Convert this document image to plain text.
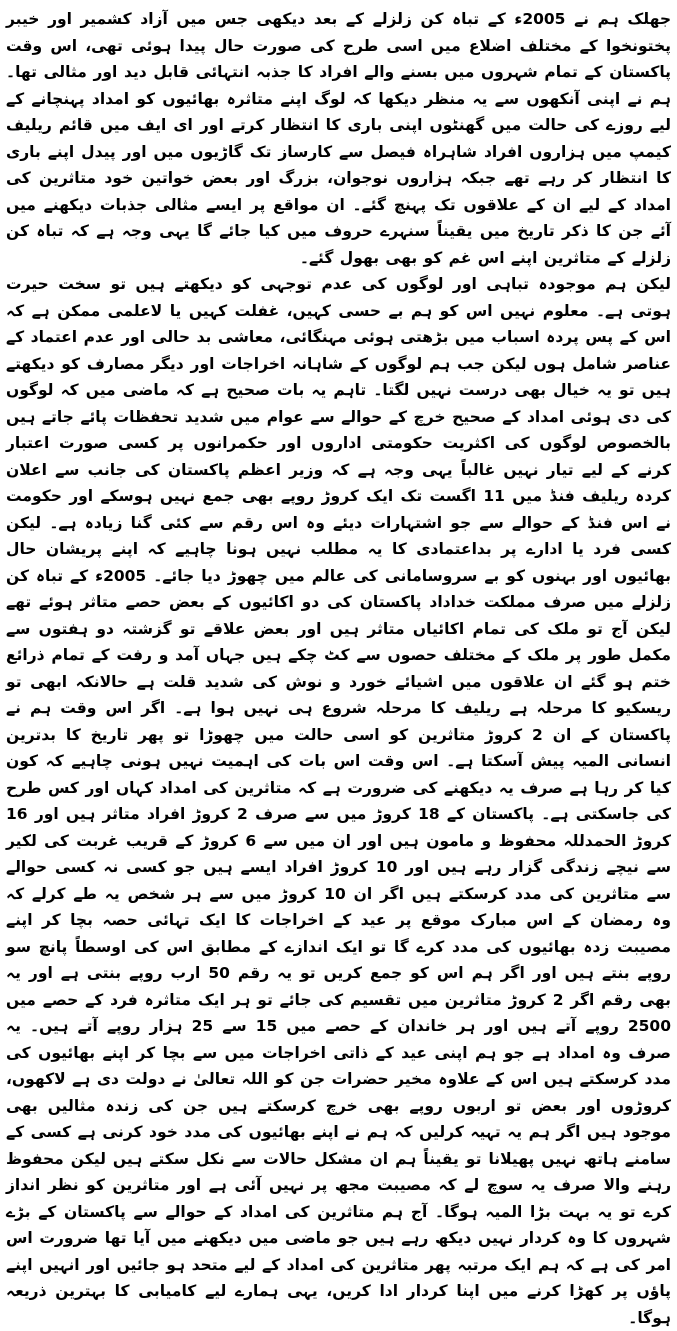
جھلک ہم نے 2005ء کے تباہ کن زلزلے کے بعد دیکھی جس میں آزاد کشمیر اور خیبر پختونخوا کے مختلف اضلاع میں اسی طرح کی صورت حال پیدا ہوئی تھی، اس وقت پاکستان کے تمام شہروں میں بسنے والے افراد کا جذبہ انتہائی قابل دید اور مثالی تھا۔ ہم نے اپنی آنکھوں سے یہ منظر دیکھا کہ لوگ اپنے متاثرہ بھائیوں کو امداد پہنچانے کے لیے روزے کی حالت میں گھنٹوں اپنی باری کا انتظار کرتے اور ای ایف میں قائم ریلیف کیمپ میں ہزاروں افراد شاہراہ فیصل سے کارساز تک گاڑیوں میں اور پیدل اپنے باری کا انتظار کر رہے تھے جبکہ ہزاروں نوجوان، بزرگ اور بعض خواتین خود متاثرین کی امداد کے لیے ان کے علاقوں تک پہنچ گئے۔ ان مواقع پر ایسے مثالی جذبات دیکھنے میں آئے جن کا ذکر تاریخ میں یقیناً سنہرے حروف میں کیا جائے گا یہی وجہ ہے کہ تباہ کن زلزلے کے متاثرین اپنے اس غم کو بھی بھول گئے۔

لیکن ہم موجودہ تباہی اور لوگوں کی عدم توجہی کو دیکھتے ہیں تو سخت حیرت ہوتی ہے۔ معلوم نہیں اس کو ہم بے حسی کہیں، غفلت کہیں یا لاعلمی ممکن ہے کہ اس کے پس پردہ اسباب میں بڑھتی ہوئی مہنگائی، معاشی بد حالی اور عدم اعتماد کے عناصر شامل ہوں لیکن جب ہم لوگوں کے شاہانہ اخراجات اور دیگر مصارف کو دیکھتے ہیں تو یہ خیال بھی درست نہیں لگتا۔ تاہم یہ بات صحیح ہے کہ ماضی میں کہ لوگوں کی دی ہوئی امداد کے صحیح خرچ کے حوالے سے عوام میں شدید تحفظات پائے جاتے ہیں بالخصوص لوگوں کی اکثریت حکومتی اداروں اور حکمرانوں پر کسی صورت اعتبار کرنے کے لیے تیار نہیں غالباً یہی وجہ ہے کہ وزیر اعظم پاکستان کی جانب سے اعلان کردہ ریلیف فنڈ میں 11 اگست تک ایک کروڑ روپے بھی جمع نہیں ہوسکے اور حکومت نے اس فنڈ کے حوالے سے جو اشتہارات دیئے وہ اس رقم سے کئی گنا زیادہ ہے۔ لیکن کسی فرد یا ادارے پر بداعتمادی کا یہ مطلب نہیں ہونا چاہیے کہ اپنے پریشان حال بھائیوں اور بہنوں کو بے سروسامانی کی عالم میں چھوڑ دیا جائے۔ 2005ء کے تباہ کن زلزلے میں صرف مملکت خداداد پاکستان کی دو اکائیوں کے بعض حصے متاثر ہوئے تھے لیکن آج تو ملک کی تمام اکائیاں متاثر ہیں اور بعض علاقے تو گزشتہ دو ہفتوں سے مکمل طور پر ملک کے مختلف حصوں سے کٹ چکے ہیں جہاں آمد و رفت کے تمام ذرائع ختم ہو گئے ان علاقوں میں اشیائے خورد و نوش کی شدید قلت ہے حالانکہ ابھی تو ریسکیو کا مرحلہ ہے ریلیف کا مرحلہ شروع ہی نہیں ہوا ہے۔ اگر اس وقت ہم نے پاکستان کے ان 2 کروڑ متاثرین کو اسی حالت میں چھوڑا تو پھر تاریخ کا بدترین انسانی المیہ پیش آسکتا ہے۔ اس وقت اس بات کی اہمیت نہیں ہونی چاہیے کہ کون کیا کر رہا ہے صرف یہ دیکھنے کی ضرورت ہے کہ متاثرین کی امداد کہاں اور کس طرح کی جاسکتی ہے۔ پاکستان کے 18 کروڑ میں سے صرف 2 کروڑ افراد متاثر ہیں اور 16 کروڑ الحمدللہ محفوظ و مامون ہیں اور ان میں سے 6 کروڑ کے قریب غربت کی لکیر سے نیچے زندگی گزار رہے ہیں اور 10 کروڑ افراد ایسے ہیں جو کسی نہ کسی حوالے سے متاثرین کی مدد کرسکتے ہیں اگر ان 10 کروڑ میں سے ہر شخص یہ طے کرلے کہ وہ رمضان کے اس مبارک موقع پر عید کے اخراجات کا ایک تہائی حصہ بچا کر اپنے مصیبت زدہ بھائیوں کی مدد کرے گا تو ایک اندازے کے مطابق اس کی اوسطاً پانچ سو روپے بنتے ہیں اور اگر ہم اس کو جمع کریں تو یہ رقم 50 ارب روپے بنتی ہے اور یہ بھی رقم اگر 2 کروڑ متاثرین میں تقسیم کی جائے تو ہر ایک متاثرہ فرد کے حصے میں 2500 روپے آتے ہیں اور ہر خاندان کے حصے میں 15 سے 25 ہزار روپے آتے ہیں۔ یہ صرف وہ امداد ہے جو ہم اپنی عید کے ذاتی اخراجات میں سے بچا کر اپنے بھائیوں کی مدد کرسکتے ہیں اس کے علاوہ مخیر حضرات جن کو اللہ تعالیٰ نے دولت دی ہے لاکھوں، کروڑوں اور بعض تو اربوں روپے بھی خرچ کرسکتے ہیں جن کی زندہ مثالیں بھی موجود ہیں اگر ہم یہ تہیہ کرلیں کہ ہم نے اپنے بھائیوں کی مدد خود کرنی ہے کسی کے سامنے ہاتھ نہیں پھیلانا تو یقیناً ہم ان مشکل حالات سے نکل سکتے ہیں لیکن محفوظ رہنے والا صرف یہ سوچ لے کہ مصیبت مجھ پر نہیں آئی ہے اور متاثرین کو نظر انداز کرے تو یہ بہت بڑا المیہ ہوگا۔ آج ہم متاثرین کی امداد کے حوالے سے پاکستان کے بڑے شہروں کا وہ کردار نہیں دیکھ رہے ہیں جو ماضی میں دیکھنے میں آیا تھا ضرورت اس امر کی ہے کہ ہم ایک مرتبہ پھر متاثرین کی امداد کے لیے متحد ہو جائیں اور انہیں اپنے پاؤں پر کھڑا کرنے میں اپنا کردار ادا کریں، یہی ہمارے لیے کامیابی کا بہترین ذریعہ ہوگا۔
